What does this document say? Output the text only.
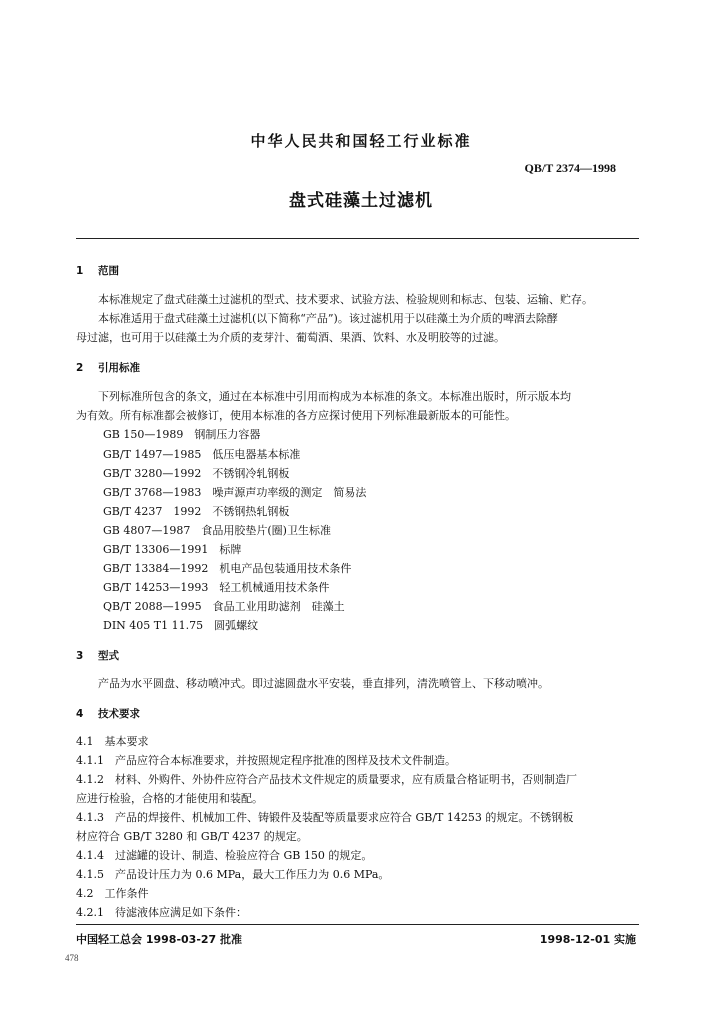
中华人民共和国轻工行业标准
QB/T 2374—1998
盘式硅藻土过滤机
1 范围
本标准规定了盘式硅藻土过滤机的型式、技术要求、试验方法、检验规则和标志、包装、运输、贮存。
本标准适用于盘式硅藻土过滤机(以下简称“产品”)。该过滤机用于以硅藻土为介质的啤酒去除酵
母过滤，也可用于以硅藻土为介质的麦芽汁、葡萄酒、果酒、饮料、水及明胶等的过滤。
2 引用标准
下列标准所包含的条文，通过在本标准中引用而构成为本标准的条文。本标准出版时，所示版本均
为有效。所有标准都会被修订，使用本标准的各方应探讨使用下列标准最新版本的可能性。
GB 150—1989　钢制压力容器
GB/T 1497—1985　低压电器基本标准
GB/T 3280—1992　不锈钢冷轧钢板
GB/T 3768—1983　噪声源声功率级的测定　简易法
GB/T 4237　1992　不锈钢热轧钢板
GB 4807—1987　食品用胶垫片(圈)卫生标准
GB/T 13306—1991　标牌
GB/T 13384—1992　机电产品包装通用技术条件
GB/T 14253—1993　轻工机械通用技术条件
QB/T 2088—1995　食品工业用助滤剂　硅藻土
DIN 405 T1 11.75　圆弧螺纹
3 型式
产品为水平圆盘、移动喷冲式。即过滤圆盘水平安装，垂直排列，清洗喷管上、下移动喷冲。
4 技术要求
4.1　基本要求
4.1.1　产品应符合本标准要求，并按照规定程序批准的图样及技术文件制造。
4.1.2　材料、外购件、外协件应符合产品技术文件规定的质量要求，应有质量合格证明书，否则制造厂
应进行检验，合格的才能使用和装配。
4.1.3　产品的焊接件、机械加工件、铸锻件及装配等质量要求应符合 GB/T 14253 的规定。不锈钢板
材应符合 GB/T 3280 和 GB/T 4237 的规定。
4.1.4　过滤罐的设计、制造、检验应符合 GB 150 的规定。
4.1.5　产品设计压力为 0.6 MPa，最大工作压力为 0.6 MPa。
4.2　工作条件
4.2.1　待滤液体应满足如下条件：
中国轻工总会 1998-03-27 批准	1998-12-01 实施
478
